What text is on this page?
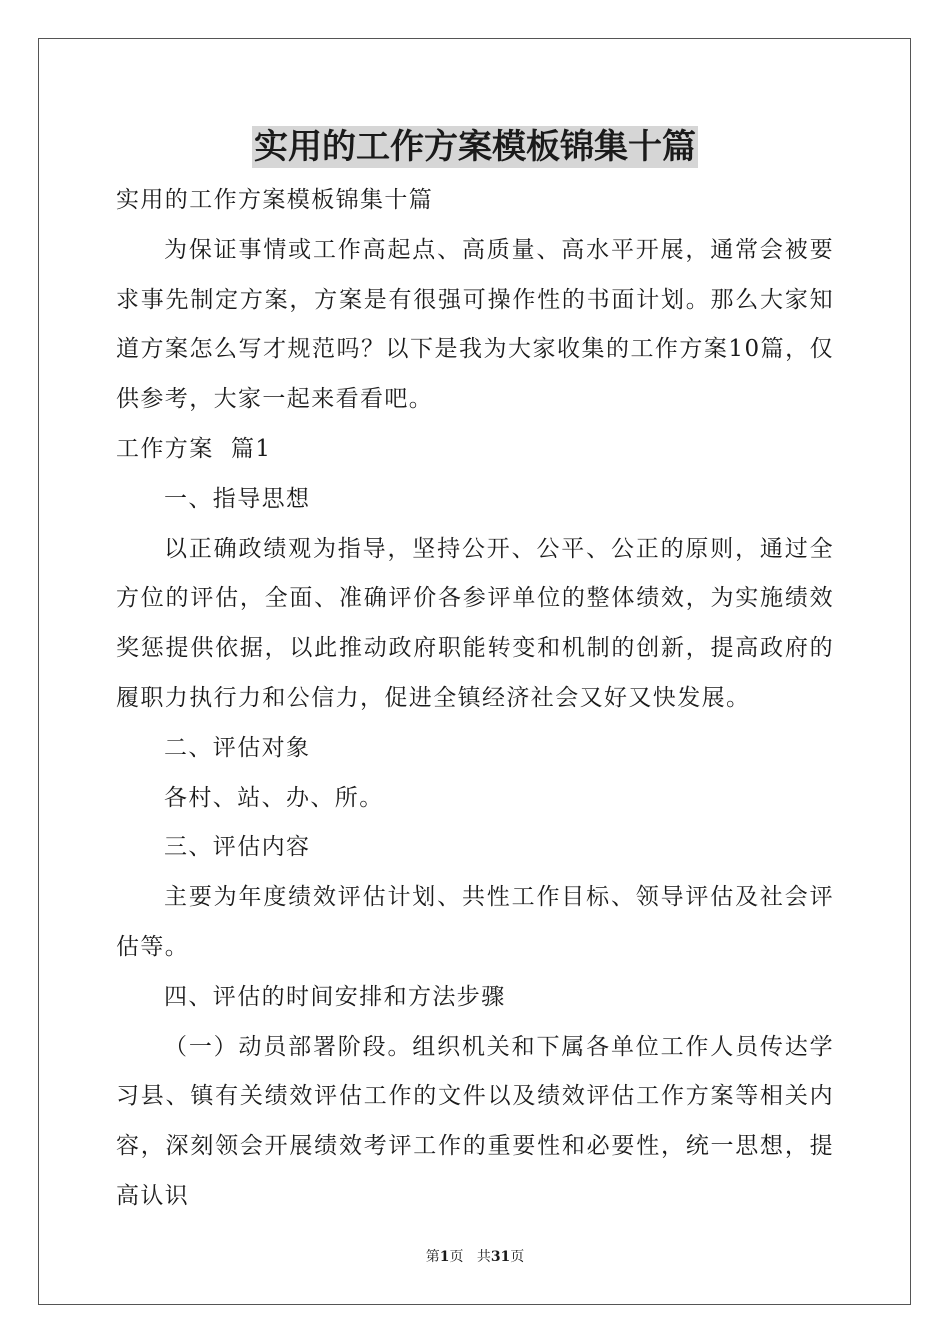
实用的工作方案模板锦集十篇

实用的工作方案模板锦集十篇

为保证事情或工作高起点、高质量、高水平开展，通常会被要求事先制定方案，方案是有很强可操作性的书面计划。那么大家知道方案怎么写才规范吗？以下是我为大家收集的工作方案10篇，仅供参考，大家一起来看看吧。

工作方案  篇1

一、指导思想

以正确政绩观为指导，坚持公开、公平、公正的原则，通过全方位的评估，全面、准确评价各参评单位的整体绩效，为实施绩效奖惩提供依据，以此推动政府职能转变和机制的创新，提高政府的履职力执行力和公信力，促进全镇经济社会又好又快发展。

二、评估对象

各村、站、办、所。

三、评估内容

主要为年度绩效评估计划、共性工作目标、领导评估及社会评估等。

四、评估的时间安排和方法步骤

（一）动员部署阶段。组织机关和下属各单位工作人员传达学习县、镇有关绩效评估工作的文件以及绩效评估工作方案等相关内容，深刻领会开展绩效考评工作的重要性和必要性，统一思想，提高认识

第1页 共31页
